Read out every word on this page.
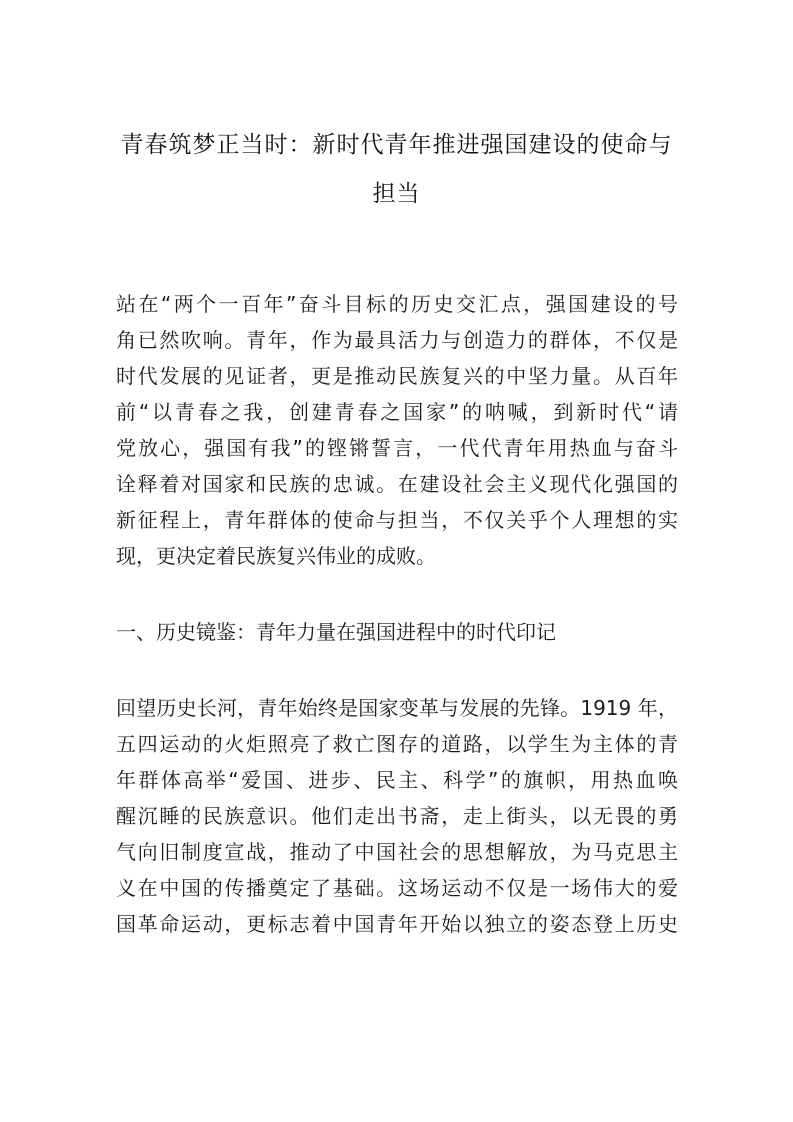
青春筑梦正当时：新时代青年推进强国建设的使命与
担当
站在“两个一百年”奋斗目标的历史交汇点，强国建设的号
角已然吹响。青年，作为最具活力与创造力的群体，不仅是
时代发展的见证者，更是推动民族复兴的中坚力量。从百年
前“以青春之我，创建青春之国家”的呐喊，到新时代“请
党放心，强国有我”的铿锵誓言，一代代青年用热血与奋斗
诠释着对国家和民族的忠诚。在建设社会主义现代化强国的
新征程上，青年群体的使命与担当，不仅关乎个人理想的实
现，更决定着民族复兴伟业的成败。
一、历史镜鉴：青年力量在强国进程中的时代印记
回望历史长河，青年始终是国家变革与发展的先锋。1919 年，
五四运动的火炬照亮了救亡图存的道路，以学生为主体的青
年群体高举“爱国、进步、民主、科学”的旗帜，用热血唤
醒沉睡的民族意识。他们走出书斋，走上街头，以无畏的勇
气向旧制度宣战，推动了中国社会的思想解放，为马克思主
义在中国的传播奠定了基础。这场运动不仅是一场伟大的爱
国革命运动，更标志着中国青年开始以独立的姿态登上历史
